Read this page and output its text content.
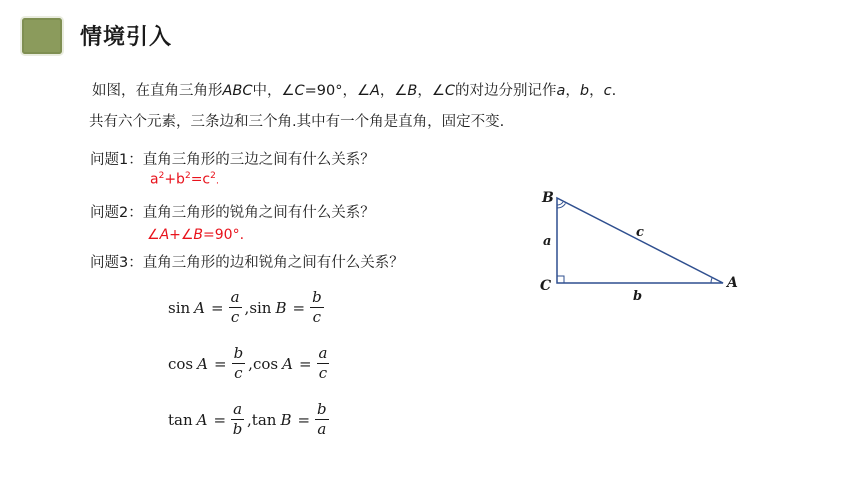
情境引入
如图，在直角三角形ABC中，∠C=90°，∠A，∠B，∠C的对边分别记作a，b，c.
共有六个元素，三条边和三个角.其中有一个角是直角，固定不变.
问题1：直角三角形的三边之间有什么关系？
$a^2+b^2=c^2$.
问题2：直角三角形的锐角之间有什么关系？
∠A+∠B=90°.
问题3：直角三角形的边和锐角之间有什么关系？
$\sin A = \frac{a}{c}$ , $\sin B = \frac{b}{c}$
$\cos A = \frac{b}{c}$ , $\cos A = \frac{a}{c}$
$\tan A = \frac{a}{b}$ , $\tan B = \frac{b}{a}$
B
C	A
a
b
c
